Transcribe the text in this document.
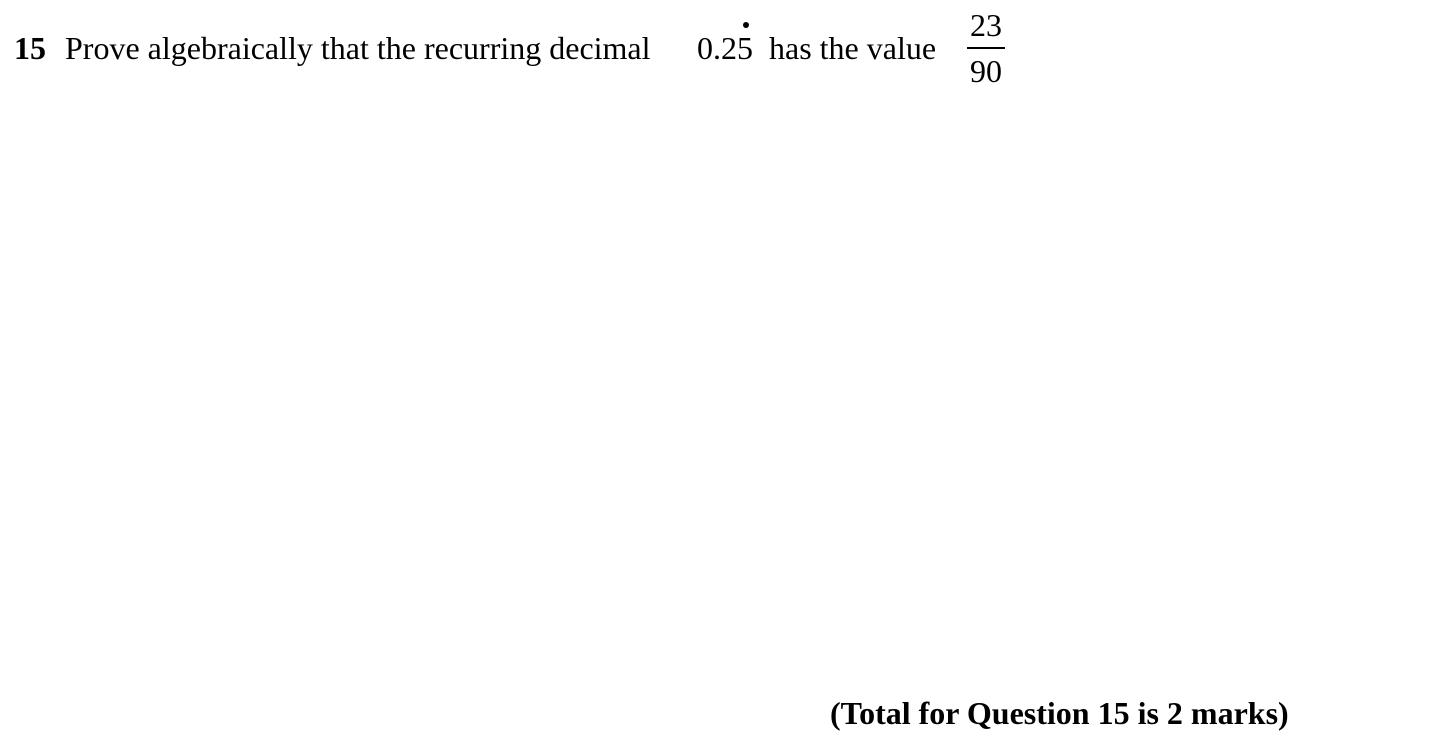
15 Prove algebraically that the recurring decimal 0.2
5 has the value
23
90
(Total for Question 15 is 2 marks)
